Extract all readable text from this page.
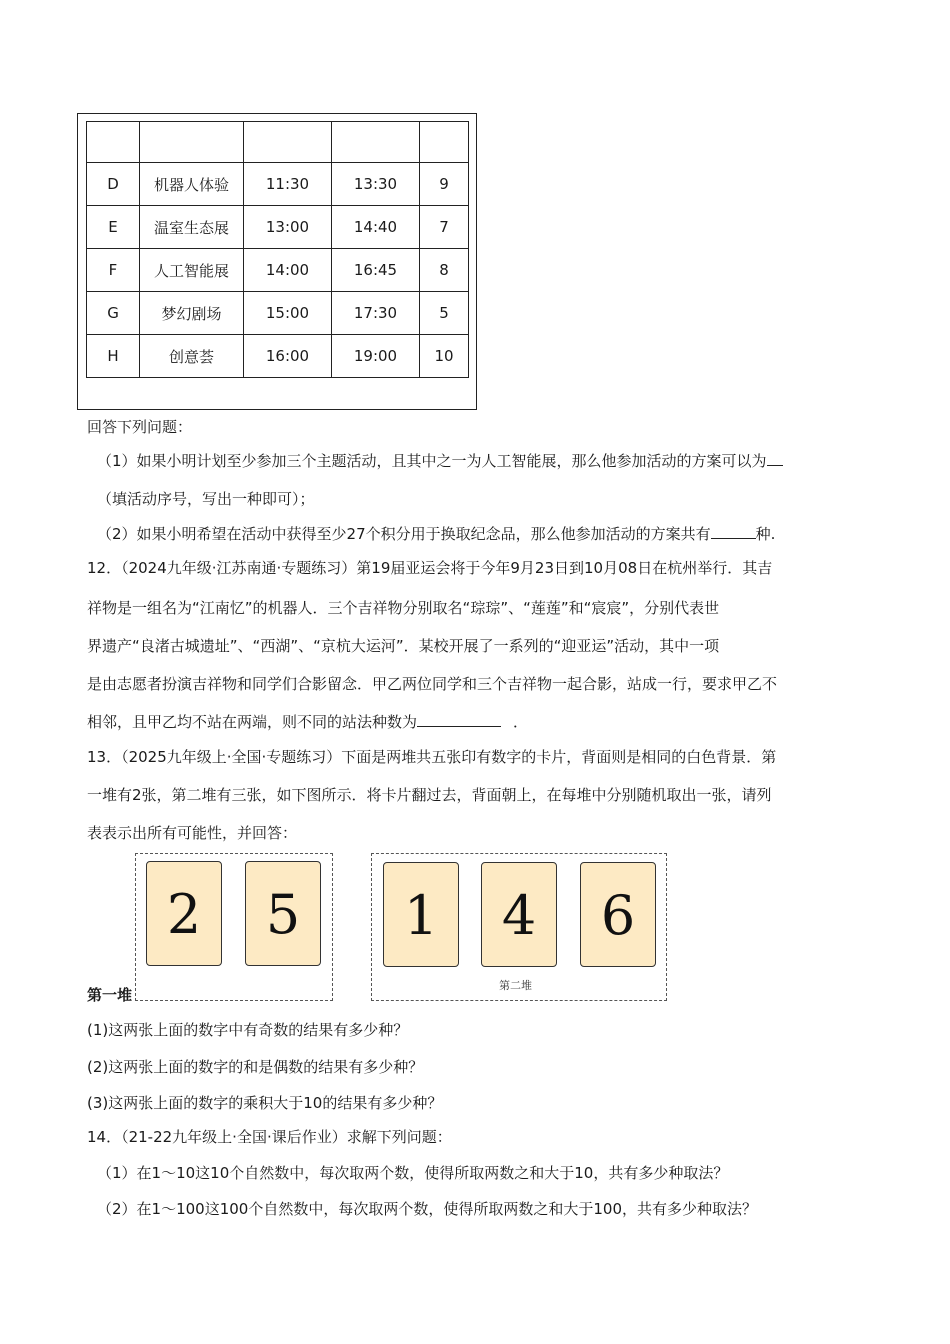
D	机器人体验	11:30	13:30	9
E	温室生态展	13:00	14:40	7
F	人工智能展	14:00	16:45	8
G	梦幻剧场	15:00	17:30	5
H	创意荟	16:00	19:00	10
回答下列问题：
（1）如果小明计划至少参加三个主题活动，且其中之一为人工智能展，那么他参加活动的方案可以为
（填活动序号，写出一种即可）；
（2）如果小明希望在活动中获得至少27个积分用于换取纪念品，那么他参加活动的方案共有	种.
12．（2024九年级·江苏南通·专题练习）第19届亚运会将于今年9月23日到10月08日在杭州举行．其吉
祥物是一组名为“江南忆”的机器人．三个吉祥物分别取名“琮琮”、“莲莲”和“宸宸”，分别代表世
界遗产“良渚古城遗址”、“西湖”、“京杭大运河”．某校开展了一系列的“迎亚运”活动，其中一项
是由志愿者扮演吉祥物和同学们合影留念．甲乙两位同学和三个吉祥物一起合影，站成一行，要求甲乙不
相邻，且甲乙均不站在两端，则不同的站法种数为	．
13．（2025九年级上·全国·专题练习）下面是两堆共五张印有数字的卡片，背面则是相同的白色背景．第
一堆有2张，第二堆有三张，如下图所示．将卡片翻过去，背面朝上，在每堆中分别随机取出一张，请列
表表示出所有可能性，并回答：
2	5
第一堆
1	4	6
第二堆
(1)这两张上面的数字中有奇数的结果有多少种？
(2)这两张上面的数字的和是偶数的结果有多少种？
(3)这两张上面的数字的乘积大于10的结果有多少种？
14．（21-22九年级上·全国·课后作业）求解下列问题：
（1）在1～10这10个自然数中，每次取两个数，使得所取两数之和大于10，共有多少种取法？
（2）在1～100这100个自然数中，每次取两个数，使得所取两数之和大于100，共有多少种取法？
